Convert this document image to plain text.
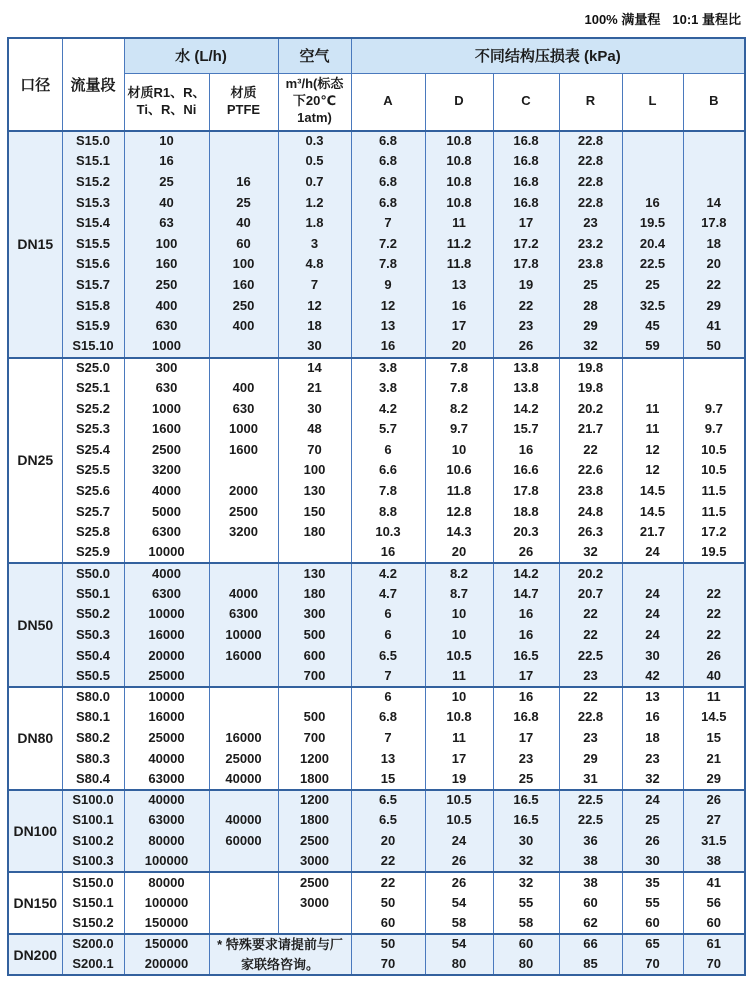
100% 满量程 10:1 量程比
口径	流量段	水 (L/h)		空气	不同结构压损表 (kPa)					
		材质R1、R、Ti、R、Ni	材质 PTFE	m³/h(标态下20℃ 1atm)	A	D	C	R	L	B
DN15	S15.0	10		0.3	6.8	10.8	16.8	22.8		
	S15.1	16		0.5	6.8	10.8	16.8	22.8		
	S15.2	25	16	0.7	6.8	10.8	16.8	22.8		
	S15.3	40	25	1.2	6.8	10.8	16.8	22.8	16	14
	S15.4	63	40	1.8	7	11	17	23	19.5	17.8
	S15.5	100	60	3	7.2	11.2	17.2	23.2	20.4	18
	S15.6	160	100	4.8	7.8	11.8	17.8	23.8	22.5	20
	S15.7	250	160	7	9	13	19	25	25	22
	S15.8	400	250	12	12	16	22	28	32.5	29
	S15.9	630	400	18	13	17	23	29	45	41
	S15.10	1000		30	16	20	26	32	59	50
DN25	S25.0	300		14	3.8	7.8	13.8	19.8		
	S25.1	630	400	21	3.8	7.8	13.8	19.8		
	S25.2	1000	630	30	4.2	8.2	14.2	20.2	11	9.7
	S25.3	1600	1000	48	5.7	9.7	15.7	21.7	11	9.7
	S25.4	2500	1600	70	6	10	16	22	12	10.5
	S25.5	3200		100	6.6	10.6	16.6	22.6	12	10.5
	S25.6	4000	2000	130	7.8	11.8	17.8	23.8	14.5	11.5
	S25.7	5000	2500	150	8.8	12.8	18.8	24.8	14.5	11.5
	S25.8	6300	3200	180	10.3	14.3	20.3	26.3	21.7	17.2
	S25.9	10000			16	20	26	32	24	19.5
DN50	S50.0	4000		130	4.2	8.2	14.2	20.2		
	S50.1	6300	4000	180	4.7	8.7	14.7	20.7	24	22
	S50.2	10000	6300	300	6	10	16	22	24	22
	S50.3	16000	10000	500	6	10	16	22	24	22
	S50.4	20000	16000	600	6.5	10.5	16.5	22.5	30	26
	S50.5	25000		700	7	11	17	23	42	40
DN80	S80.0	10000			6	10	16	22	13	11
	S80.1	16000		500	6.8	10.8	16.8	22.8	16	14.5
	S80.2	25000	16000	700	7	11	17	23	18	15
	S80.3	40000	25000	1200	13	17	23	29	23	21
	S80.4	63000	40000	1800	15	19	25	31	32	29
DN100	S100.0	40000		1200	6.5	10.5	16.5	22.5	24	26
	S100.1	63000	40000	1800	6.5	10.5	16.5	22.5	25	27
	S100.2	80000	60000	2500	20	24	30	36	26	31.5
	S100.3	100000		3000	22	26	32	38	30	38
DN150	S150.0	80000		2500	22	26	32	38	35	41
	S150.1	100000		3000	50	54	55	60	55	56
	S150.2	150000			60	58	58	62	60	60
DN200	S200.0	150000	* 特殊要求请提前与厂家联络咨询。		50	54	60	66	65	61
	S200.1	200000			70	80	80	85	70	70
